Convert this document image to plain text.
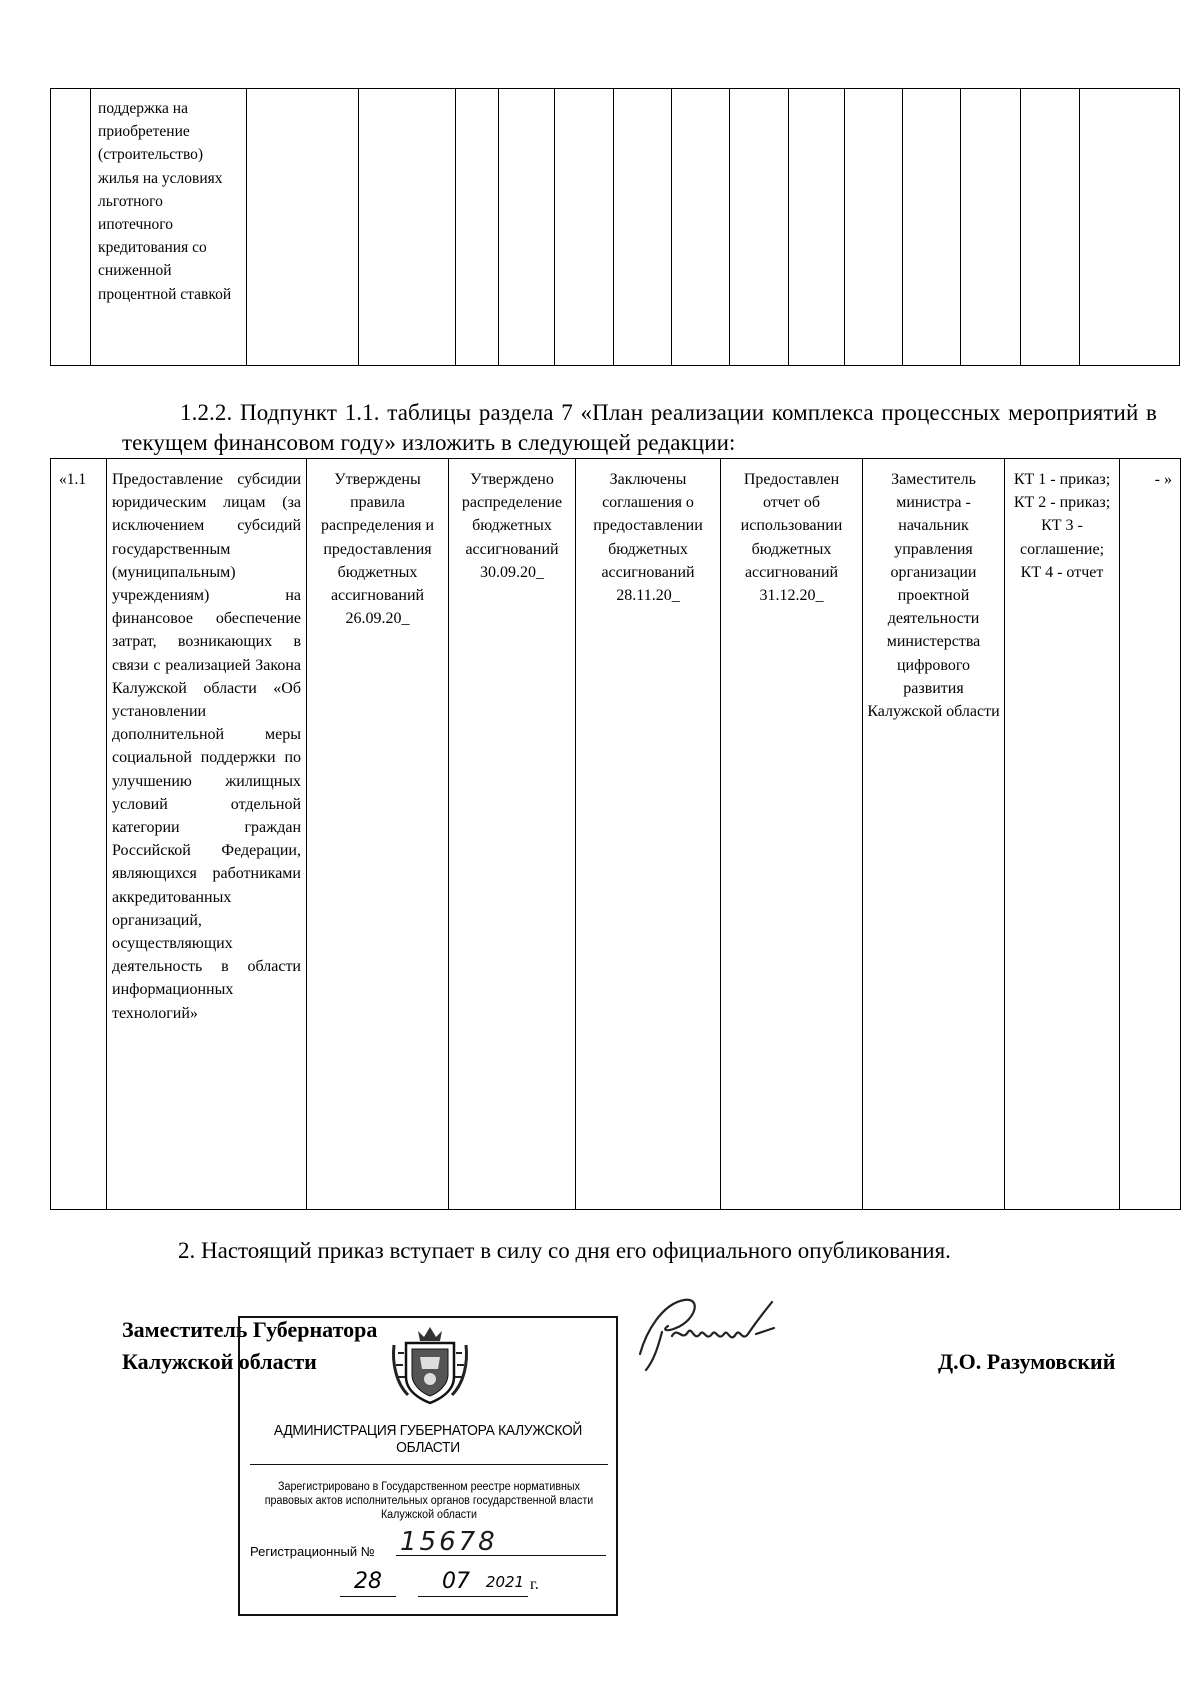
	поддержка на приобретение (строительство) жилья на условиях льготного ипотечного кредитования со сниженной процентной ставкой														
1.2.2. Подпункт 1.1. таблицы раздела 7 «План реализации комплекса процессных мероприятий в текущем финансовом году» изложить в следующей редакции:
«1.1	Предоставление субсидии юридическим лицам (за исключением субсидий государственным (муниципальным) учреждениям) на финансовое обеспечение затрат, возникающих в связи с реализацией Закона Калужской области «Об установлении дополнительной меры социальной поддержки по улучшению жилищных условий отдельной категории граждан Российской Федерации, являющихся работниками аккредитованных организаций, осуществляющих деятельность в области информационных технологий»	Утверждены правила распределения и предоставления бюджетных ассигнований 26.09.20_	Утверждено распределение бюджетных ассигнований 30.09.20_	Заключены соглашения о предоставлении бюджетных ассигнований 28.11.20_	Предоставлен отчет об использовании бюджетных ассигнований 31.12.20_	Заместитель министра - начальник управления организации проектной деятельности министерства цифрового развития Калужской области	КТ 1 - приказ; КТ 2 - приказ; КТ 3 - соглашение; КТ 4 - отчет	- »
2. Настоящий приказ вступает в силу со дня его официального опубликования.
Заместитель Губернатора
Калужской области	Д.О. Разумовский
АДМИНИСТРАЦИЯ ГУБЕРНАТОРА КАЛУЖСКОЙ ОБЛАСТИ
Зарегистрировано в Государственном реестре нормативных правовых актов исполнительных органов государственной власти Калужской области
Регистрационный № 15678
28	07	2021 г.
